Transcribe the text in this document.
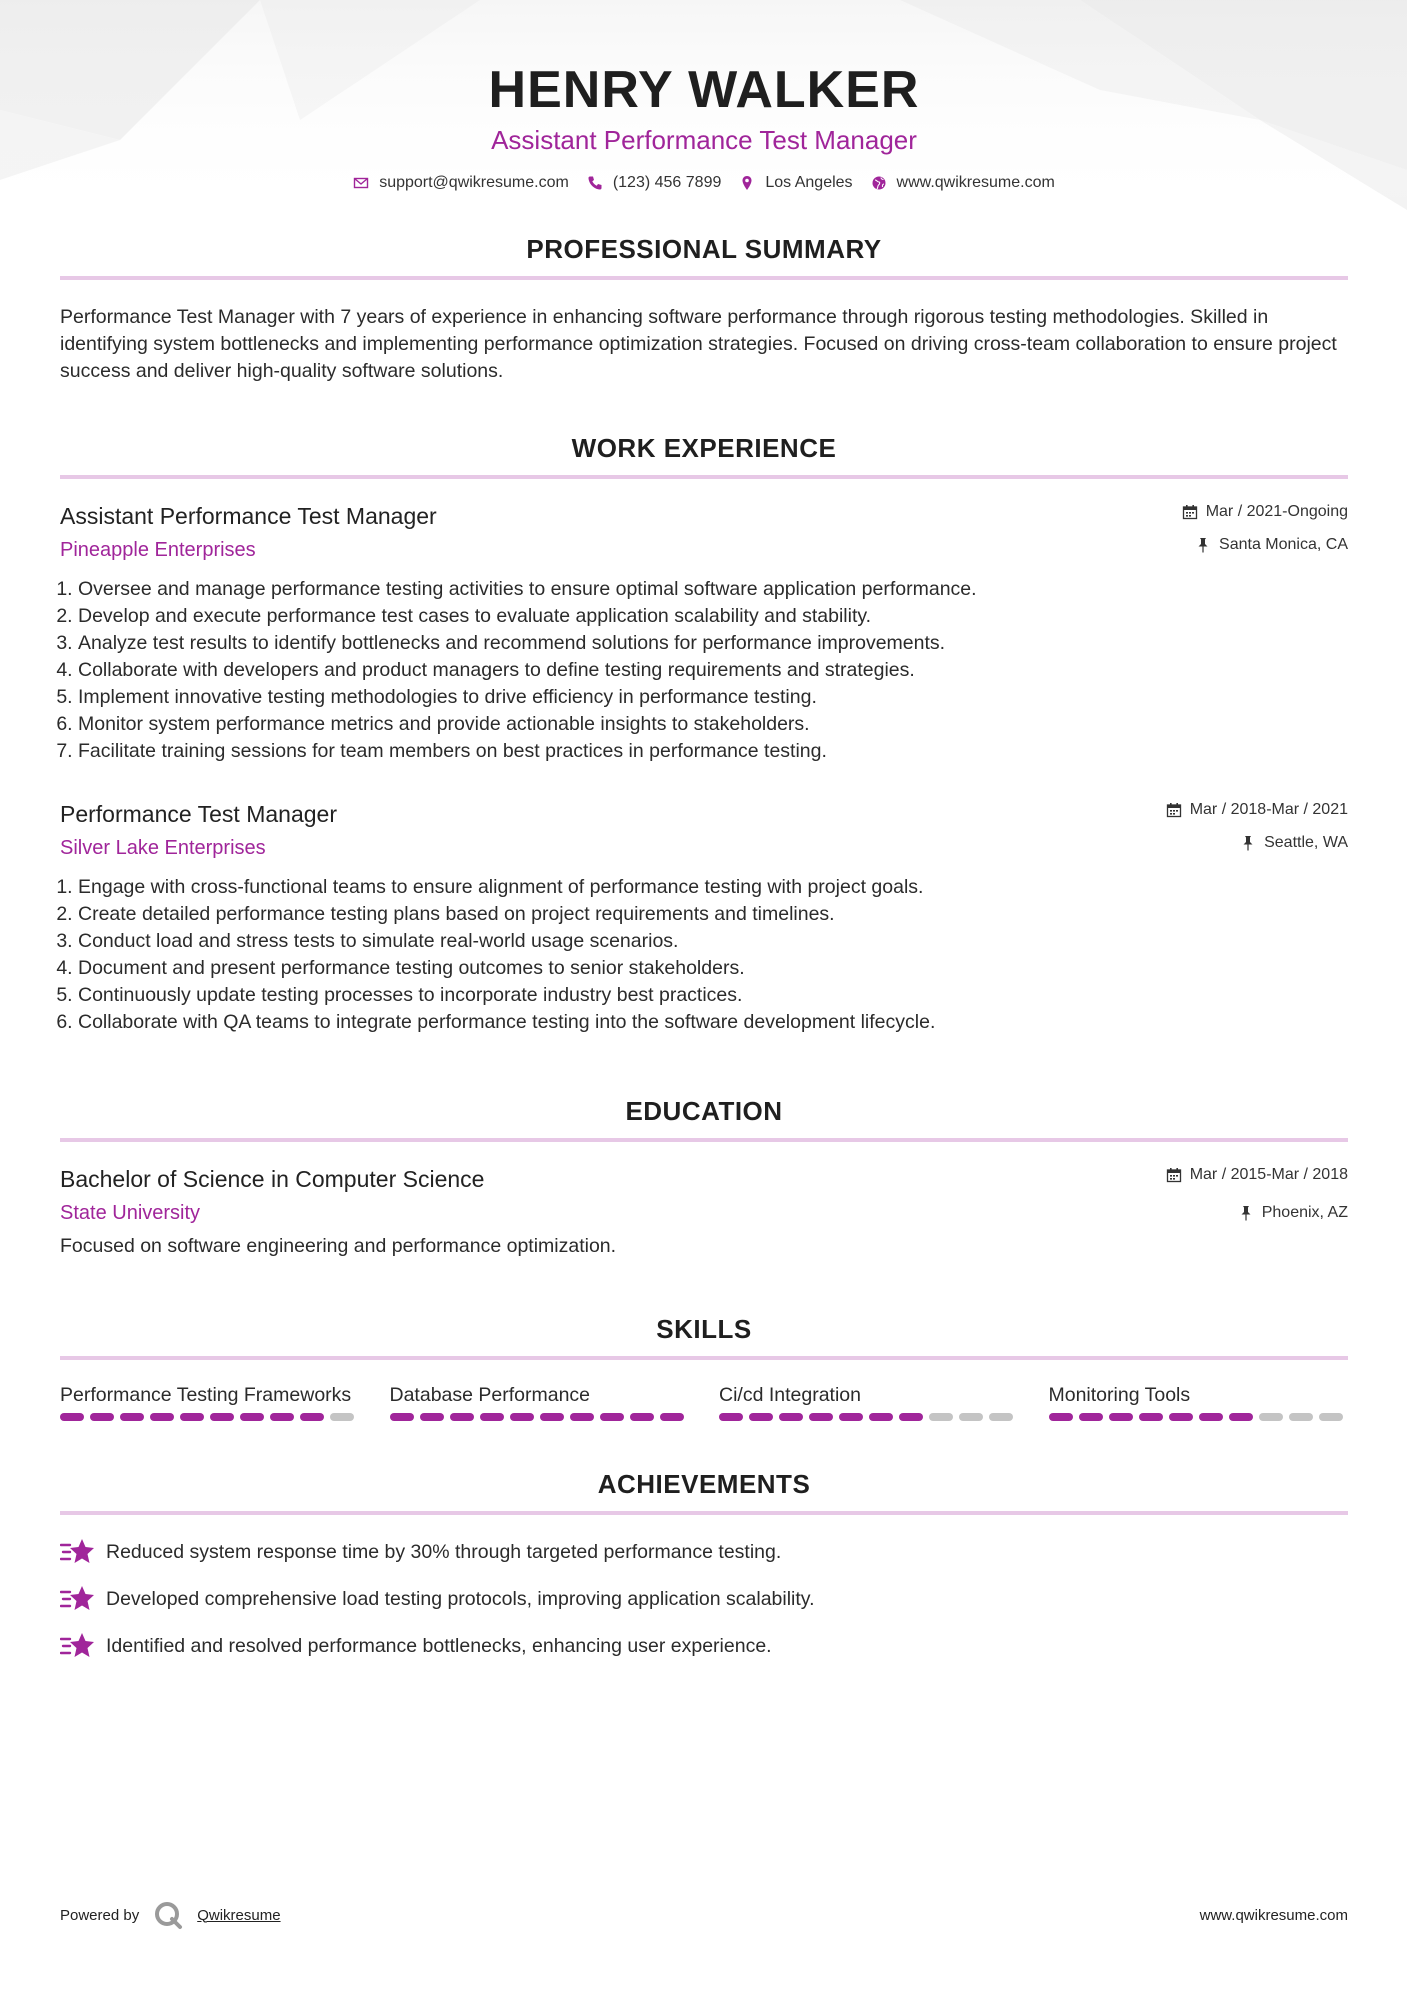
HENRY WALKER
Assistant Performance Test Manager
support@qwikresume.com	(123) 456 7899	Los Angeles	www.qwikresume.com
PROFESSIONAL SUMMARY
Performance Test Manager with 7 years of experience in enhancing software performance through rigorous testing methodologies. Skilled in identifying system bottlenecks and implementing performance optimization strategies. Focused on driving cross-team collaboration to ensure project success and deliver high-quality software solutions.
WORK EXPERIENCE
Assistant Performance Test Manager
Pineapple Enterprises
Mar / 2021-Ongoing
Santa Monica, CA
1. Oversee and manage performance testing activities to ensure optimal software application performance.
2. Develop and execute performance test cases to evaluate application scalability and stability.
3. Analyze test results to identify bottlenecks and recommend solutions for performance improvements.
4. Collaborate with developers and product managers to define testing requirements and strategies.
5. Implement innovative testing methodologies to drive efficiency in performance testing.
6. Monitor system performance metrics and provide actionable insights to stakeholders.
7. Facilitate training sessions for team members on best practices in performance testing.
Performance Test Manager
Silver Lake Enterprises
Mar / 2018-Mar / 2021
Seattle, WA
1. Engage with cross-functional teams to ensure alignment of performance testing with project goals.
2. Create detailed performance testing plans based on project requirements and timelines.
3. Conduct load and stress tests to simulate real-world usage scenarios.
4. Document and present performance testing outcomes to senior stakeholders.
5. Continuously update testing processes to incorporate industry best practices.
6. Collaborate with QA teams to integrate performance testing into the software development lifecycle.
EDUCATION
Bachelor of Science in Computer Science
State University
Mar / 2015-Mar / 2018
Phoenix, AZ
Focused on software engineering and performance optimization.
SKILLS
Performance Testing Frameworks	Database Performance	Ci/cd Integration	Monitoring Tools
ACHIEVEMENTS
Reduced system response time by 30% through targeted performance testing.
Developed comprehensive load testing protocols, improving application scalability.
Identified and resolved performance bottlenecks, enhancing user experience.
Powered by	Qwikresume	www.qwikresume.com
